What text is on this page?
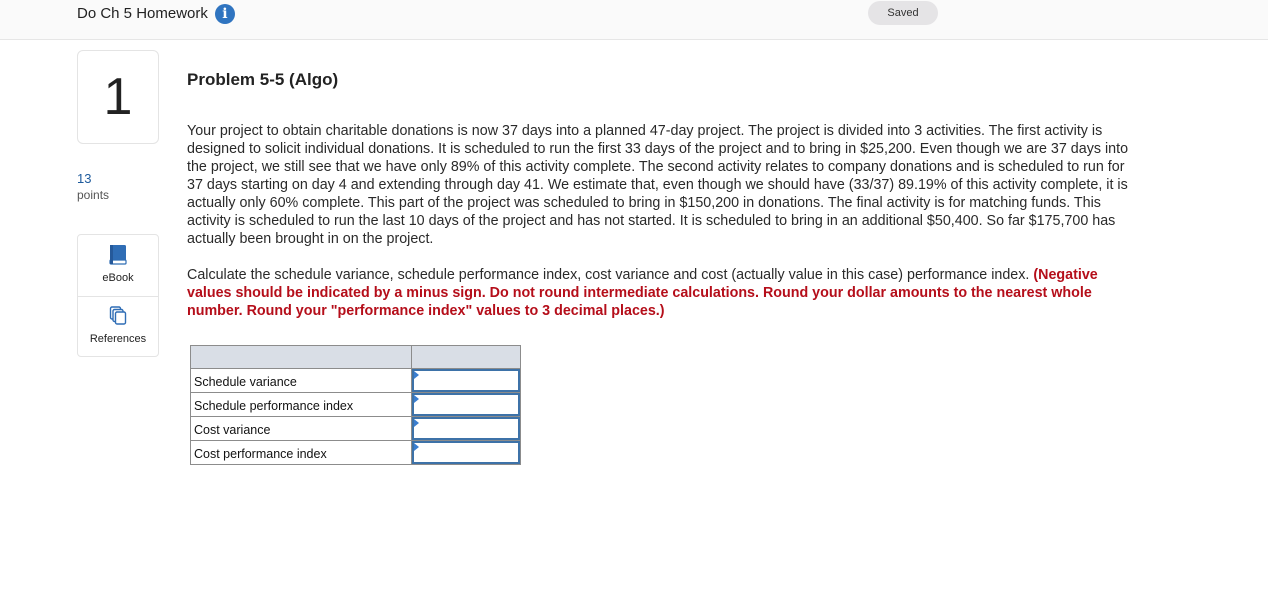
Do Ch 5 Homework	i	Saved
1
13
points
eBook
References
Problem 5-5 (Algo)

Your project to obtain charitable donations is now 37 days into a planned 47-day project. The project is divided into 3 activities. The first activity is designed to solicit individual donations. It is scheduled to run the first 33 days of the project and to bring in $25,200. Even though we are 37 days into the project, we still see that we have only 89% of this activity complete. The second activity relates to company donations and is scheduled to run for 37 days starting on day 4 and extending through day 41. We estimate that, even though we should have (33/37) 89.19% of this activity complete, it is actually only 60% complete. This part of the project was scheduled to bring in $150,200 in donations. The final activity is for matching funds. This activity is scheduled to run the last 10 days of the project and has not started. It is scheduled to bring in an additional $50,400. So far $175,700 has actually been brought in on the project.

Calculate the schedule variance, schedule performance index, cost variance and cost (actually value in this case) performance index. (Negative values should be indicated by a minus sign. Do not round intermediate calculations. Round your dollar amounts to the nearest whole number. Round your "performance index" values to 3 decimal places.)

Schedule variance	

Schedule performance index	

Cost variance	

Cost performance index	
